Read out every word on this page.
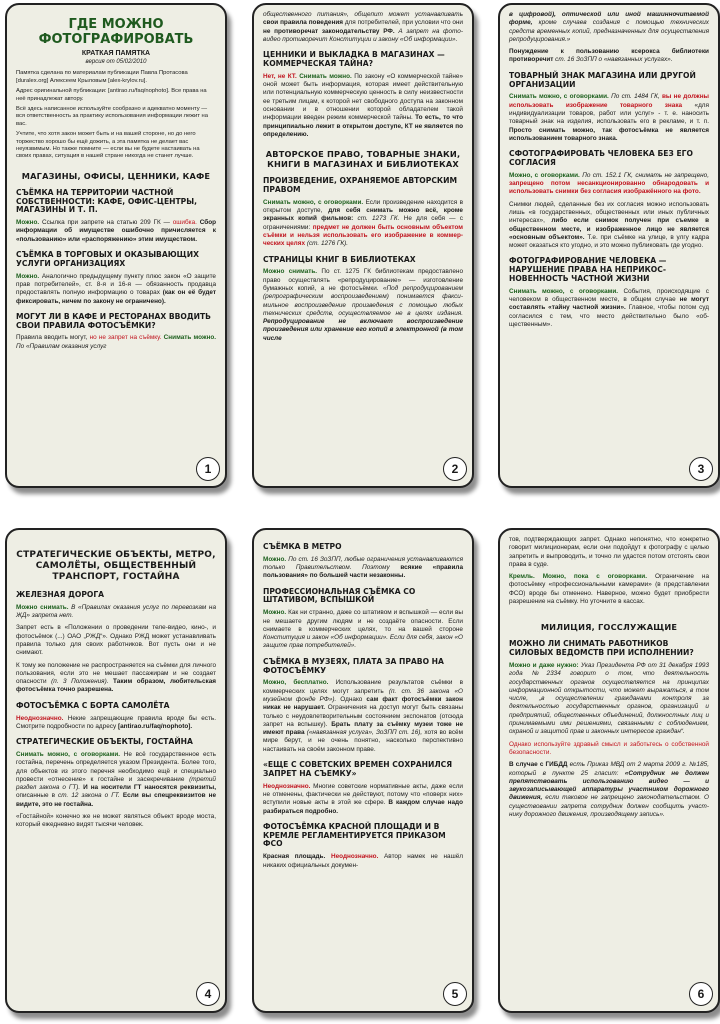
ГДЕ МОЖНО
ФОТОГРАФИРОВАТЬ
КРАТКАЯ ПАМЯТКА
версия от 05/02/2010

Памятка сделана по материалам публикации Павла Протасова [duralex.org] Алексеем Крыловым [alex-krylov.ru].

Адрес оригинальной публикации: [antirao.ru/faq/nophoto]. Все права на неё принадлежат автору.

Всё здесь написанное используйте сообразно и адекватно моменту — вся ответственность за практику использования информации лежит на вас.

Учтите, что хотя закон может быть и на вашей стороне, но до него торжество хорошо бы ещё дожить, а эта памятка не делает вас неуязвимым. Но также помните — если вы не будете настаивать на своих правах, ситуация в нашей стране никогда не станет лучше.

МАГАЗИНЫ, ОФИСЫ, ЦЕННИКИ, КАФЕ
СЪЁМКА НА ТЕРРИТОРИИ ЧАСТНОЙ СОБСТВЕННОСТИ: КАФЕ, ОФИС-ЦЕНТРЫ, МАГАЗИНЫ И Т. П.

Можно. Ссылка при запрете на статью 209 ГК — ошибка. Сбор информации об имуществе ошибочно причисляется к «пользованию» или «распоряжению» этим имуществом.

СЪЁМКА В ТОРГОВЫХ И ОКАЗЫВАЮЩИХ УСЛУГИ ОРГАНИЗАЦИЯХ

Можно. Аналогично предыдущему пункту плюс закон «О защите прав потребителей», ст. 8-я и 16-я — обязанность продавца предоставлять полную информацию о товарах (как он её будет фиксировать, ничем по закону не ограничено).

МОГУТ ЛИ В КАФЕ И РЕСТОРАНАХ ВВОДИТЬ СВОИ ПРАВИЛА ФОТОСЪЁМКИ?

Правила вводить могут, но не запрет на съёмку. Снимать можно. По «Правилам оказания услуг

1

общественного питания», общепит может устанавливать свои правила поведения для потребителей, при условии что они не противоречат законодательству РФ. А запрет на фото-видео противоречит Конституции и закону «Об информации».

ЦЕННИКИ И ВЫКЛАДКА В МАГАЗИНАХ — КОММЕРЧЕСКАЯ ТАЙНА?

Нет, не КТ. Снимать можно. По закону «О коммерческой тайне» оной может быть информация, которая имеет действительную или потенциальную коммерческую ценность в силу неизвестности ее третьим лицам, к которой нет свободного доступа на законном основании и в отношении которой обладателем такой информации введен режим коммерческой тайны. То есть, то что принципиально лежит в открытом доступе, КТ не является по определению.

АВТОРСКОЕ ПРАВО, ТОВАРНЫЕ ЗНАКИ, КНИГИ В МАГАЗИНАХ И БИБЛИОТЕКАХ
ПРОИЗВЕДЕНИЕ, ОХРАНЯЕМОЕ АВТОРСКИМ ПРАВОМ

Снимать можно, с оговорками. Если произведение находится в открытом доступе, для себя снимать можно всё, кроме экранных копий фильмов: ст. 1273 ГК. Не для себя — с ограничениями: предмет не должен быть основным объектом съёмки и нельзя использовать его изображение в коммерческих целях (ст. 1276 ГК).

СТРАНИЦЫ КНИГ В БИБЛИОТЕКАХ

Можно снимать. По ст. 1275 ГК библиотекам предоставлено право осуществлять «репродуцирование» — изготовление бумажных копий, а не фотосъёмки. «Под репродуцированием (репрографическим воспроизведением) понимается факсимильное воспроизведение произведения с помощью любых технических средств, осуществляемое не в целях издания. Репродуцирование не включает воспроизведение произведения или хранение его копий в электронной (в том числе

2

в цифровой), оптической или иной машинночитаемой форме, кроме случаев создания с помощью технических средств временных копий, предназначенных для осуществления репродуцирования.»

Понуждение к пользованию ксерокса библиотеки противоречит ст. 16 ЗоЗПП о «навязанных услугах».

ТОВАРНЫЙ ЗНАК МАГАЗИНА ИЛИ ДРУГОЙ ОРГАНИЗАЦИИ

Снимать можно, с оговорками. По ст. 1484 ГК, вы не должны использовать изображение товарного знака «для индивидуализации товаров, работ или услуг» - т. е. наносить товарный знак на изделия, использовать его в рекламе, и т. п. Просто снимать можно, так фотосъёмка не является использованием товарного знака.

СФОТОГРАФИРОВАТЬ ЧЕЛОВЕКА БЕЗ ЕГО СОГЛАСИЯ

Можно, с оговорками. По ст. 152.1 ГК, снимать не запрещено, запрещено потом несанкционированно обнародовать и использовать снимки без согласия изображённого на фото.

Снимки людей, сделанные без их согласия можно использовать лишь «в государственных, общественных или иных публичных интересах», либо если снимок получен при съемке в общественном месте, и изображенное лицо не является «основным объектом». Т.е. при съёмке на улице, в улгу кадра может оказаться кто угодно, и это можно публиковать где угодно.

ФОТОГРАФИРОВАНИЕ ЧЕЛОВЕКА — НАРУШЕНИЕ ПРАВА НА НЕПРИКОСНОВЕННОСТЬ ЧАСТНОЙ ЖИЗНИ

Снимать можно, с оговорками. События, происходящие с человеком в общественном месте, в общем случае не могут составлять «тайну частной жизни». Главное, чтобы потом суд согласился с тем, что место действительно было «общественным».

3
СТРАТЕГИЧЕСКИЕ ОБЪЕКТЫ, МЕТРО, САМОЛЁТЫ, ОБЩЕСТВЕННЫЙ ТРАНСПОРТ, ГОСТАЙНА
ЖЕЛЕЗНАЯ ДОРОГА

Можно снимать. В «Правилах оказания услуг по перевозкам на ЖД» запрета нет.

Запрет есть в «Положении о проведении теле-видео, кино-, и фотосъёмок (...) ОАО „РЖД“». Однако РЖД может устанавливать правила только для своих работников. Вот пусть они и не снимают.

К тому же положение не распространяется на съёмки для личного пользования, если это не мешает пассажирам и не создает опасности (п. 3 Положения). Таким образом, любительская фотосъёмка точно разрешена.

ФОТОСЪЁМКА С БОРТА САМОЛЁТА

Неоднозначно. Некие запрещающие правила вроде бы есть. Смотрите подробности по адресу [antirao.ru/faq/nophoto].

СТРАТЕГИЧЕСКИЕ ОБЪЕКТЫ, ГОСТАЙНА

Снимать можно, с оговорками. Не всё государственное есть гостайна, перечень определяется указом Президента. Более того, для объектов из этого перечня необходимо ещё и специально провести «отнесение» к гостайне и засекречивание (третий раздел закона о ГТ). И на носители ГТ наносятся реквизиты, описанные в ст. 12 закона о ГТ. Если вы спецреквизитов не видите, это не гостайна.

«Гостайной» конечно же не может являться объект вроде моста, который ежедневно видят тысячи человек.

4
СЪЁМКА В МЕТРО

Можно. По ст. 16 ЗоЗПП, любые ограничения устанавливаются только Правительством. Поэтому всякие «правила пользования» по большей части незаконны.

ПРОФЕССИОНАЛЬНАЯ СЪЁМКА СО ШТАТИВОМ, ВСПЫШКОЙ

Можно. Как ни странно, даже со штативом и вспышкой — если вы не мешаете другим людям и не создаёте опасности. Если снимаете в коммерческих целях, то на вашей стороне Конституция и закон «Об информации». Если для себя, закон «О защите прав потребителей».

СЪЁМКА В МУЗЕЯХ, ПЛАТА ЗА ПРАВО НА ФОТОСЪЁМКУ

Можно, бесплатно. Использование результатов съёмки в коммерческих целях могут запретить (п. ст. 36 закона «О музейном фонде РФ»). Однако сам факт фотосъёмки закон никак не нарушает. Ограничения на доступ могут быть связаны только с неудовлетворительным состоянием экспонатов (отсюда запрет на вспышку). Брать плату за съёмку музеи тоже не имеют права («навязанная услуга», ЗоЗПП ст. 16), хотя во всём мире берут, и не очень понятно, насколько перспективно настаивать на своём законном праве.

«ЕЩЕ С СОВЕТСКИХ ВРЕМЕН СОХРАНИЛСЯ ЗАПРЕТ НА СЪЕМКУ»

Неоднозначно. Многие советские нормативные акты, даже если не отменены, фактически не действуют, потому что «поверх них» вступили новые акты в этой же сфере. В каждом случае надо разбираться подробно.

ФОТОСЪЁМКА КРАСНОЙ ПЛОЩАДИ И В КРЕМЛЕ РЕГЛАМЕНТИРУЕТСЯ ПРИКАЗОМ ФСО

Красная площадь. Неоднозначно. Автор намек не нашёл никаких официальных докумен-

5

тов, подтверждающих запрет. Однако непонятно, что конкретно говорит милиционерам, если они подойдут к фотографу с целью запретить и выпроводить, и точно ли удастся потом отстоять свои права в суде.

Кремль. Можно, пока с оговорками. Ограничение на фотосъёмку «профессиональными камерами» (в представлении ФСО) вроде бы отменено. Наверное, можно будет приобрести разрешение на съёмку. Но уточните в кассах.

МИЛИЦИЯ, ГОССЛУЖАЩИЕ
МОЖНО ЛИ СНИМАТЬ РАБОТНИКОВ СИЛОВЫХ ВЕДОМСТВ ПРИ ИСПОЛНЕНИИ?

Можно и даже нужно: Указ Президента РФ от 31 декабря 1993 года №2334 говорит о том, что деятельность государственных органов осуществляется на принципах информационной открытости, что может выражаться, в том числе, „в осуществлении гражданами контроля за деятельностью государственных органов, организаций и предприятий, общественных объединений, должностных лиц и принимаемыми ими решениями, связанными с соблюдением, охраной и защитой прав и законных интересов граждан“.

Однако используйте здравый смысл и заботьтесь о собственной безопасности.

В случае с ГИБДД есть Приказ МВД от 2 марта 2009 г. №185, который в пункте 25 гласит: «Сотрудник не должен препятствовать использованию видео — и звукозаписывающей аппаратуры участником дорожного движения, если таковое не запрещено законодательством. О существовании запрета сотрудник должен сообщить участнику дорожного движения, производящему запись».

6
